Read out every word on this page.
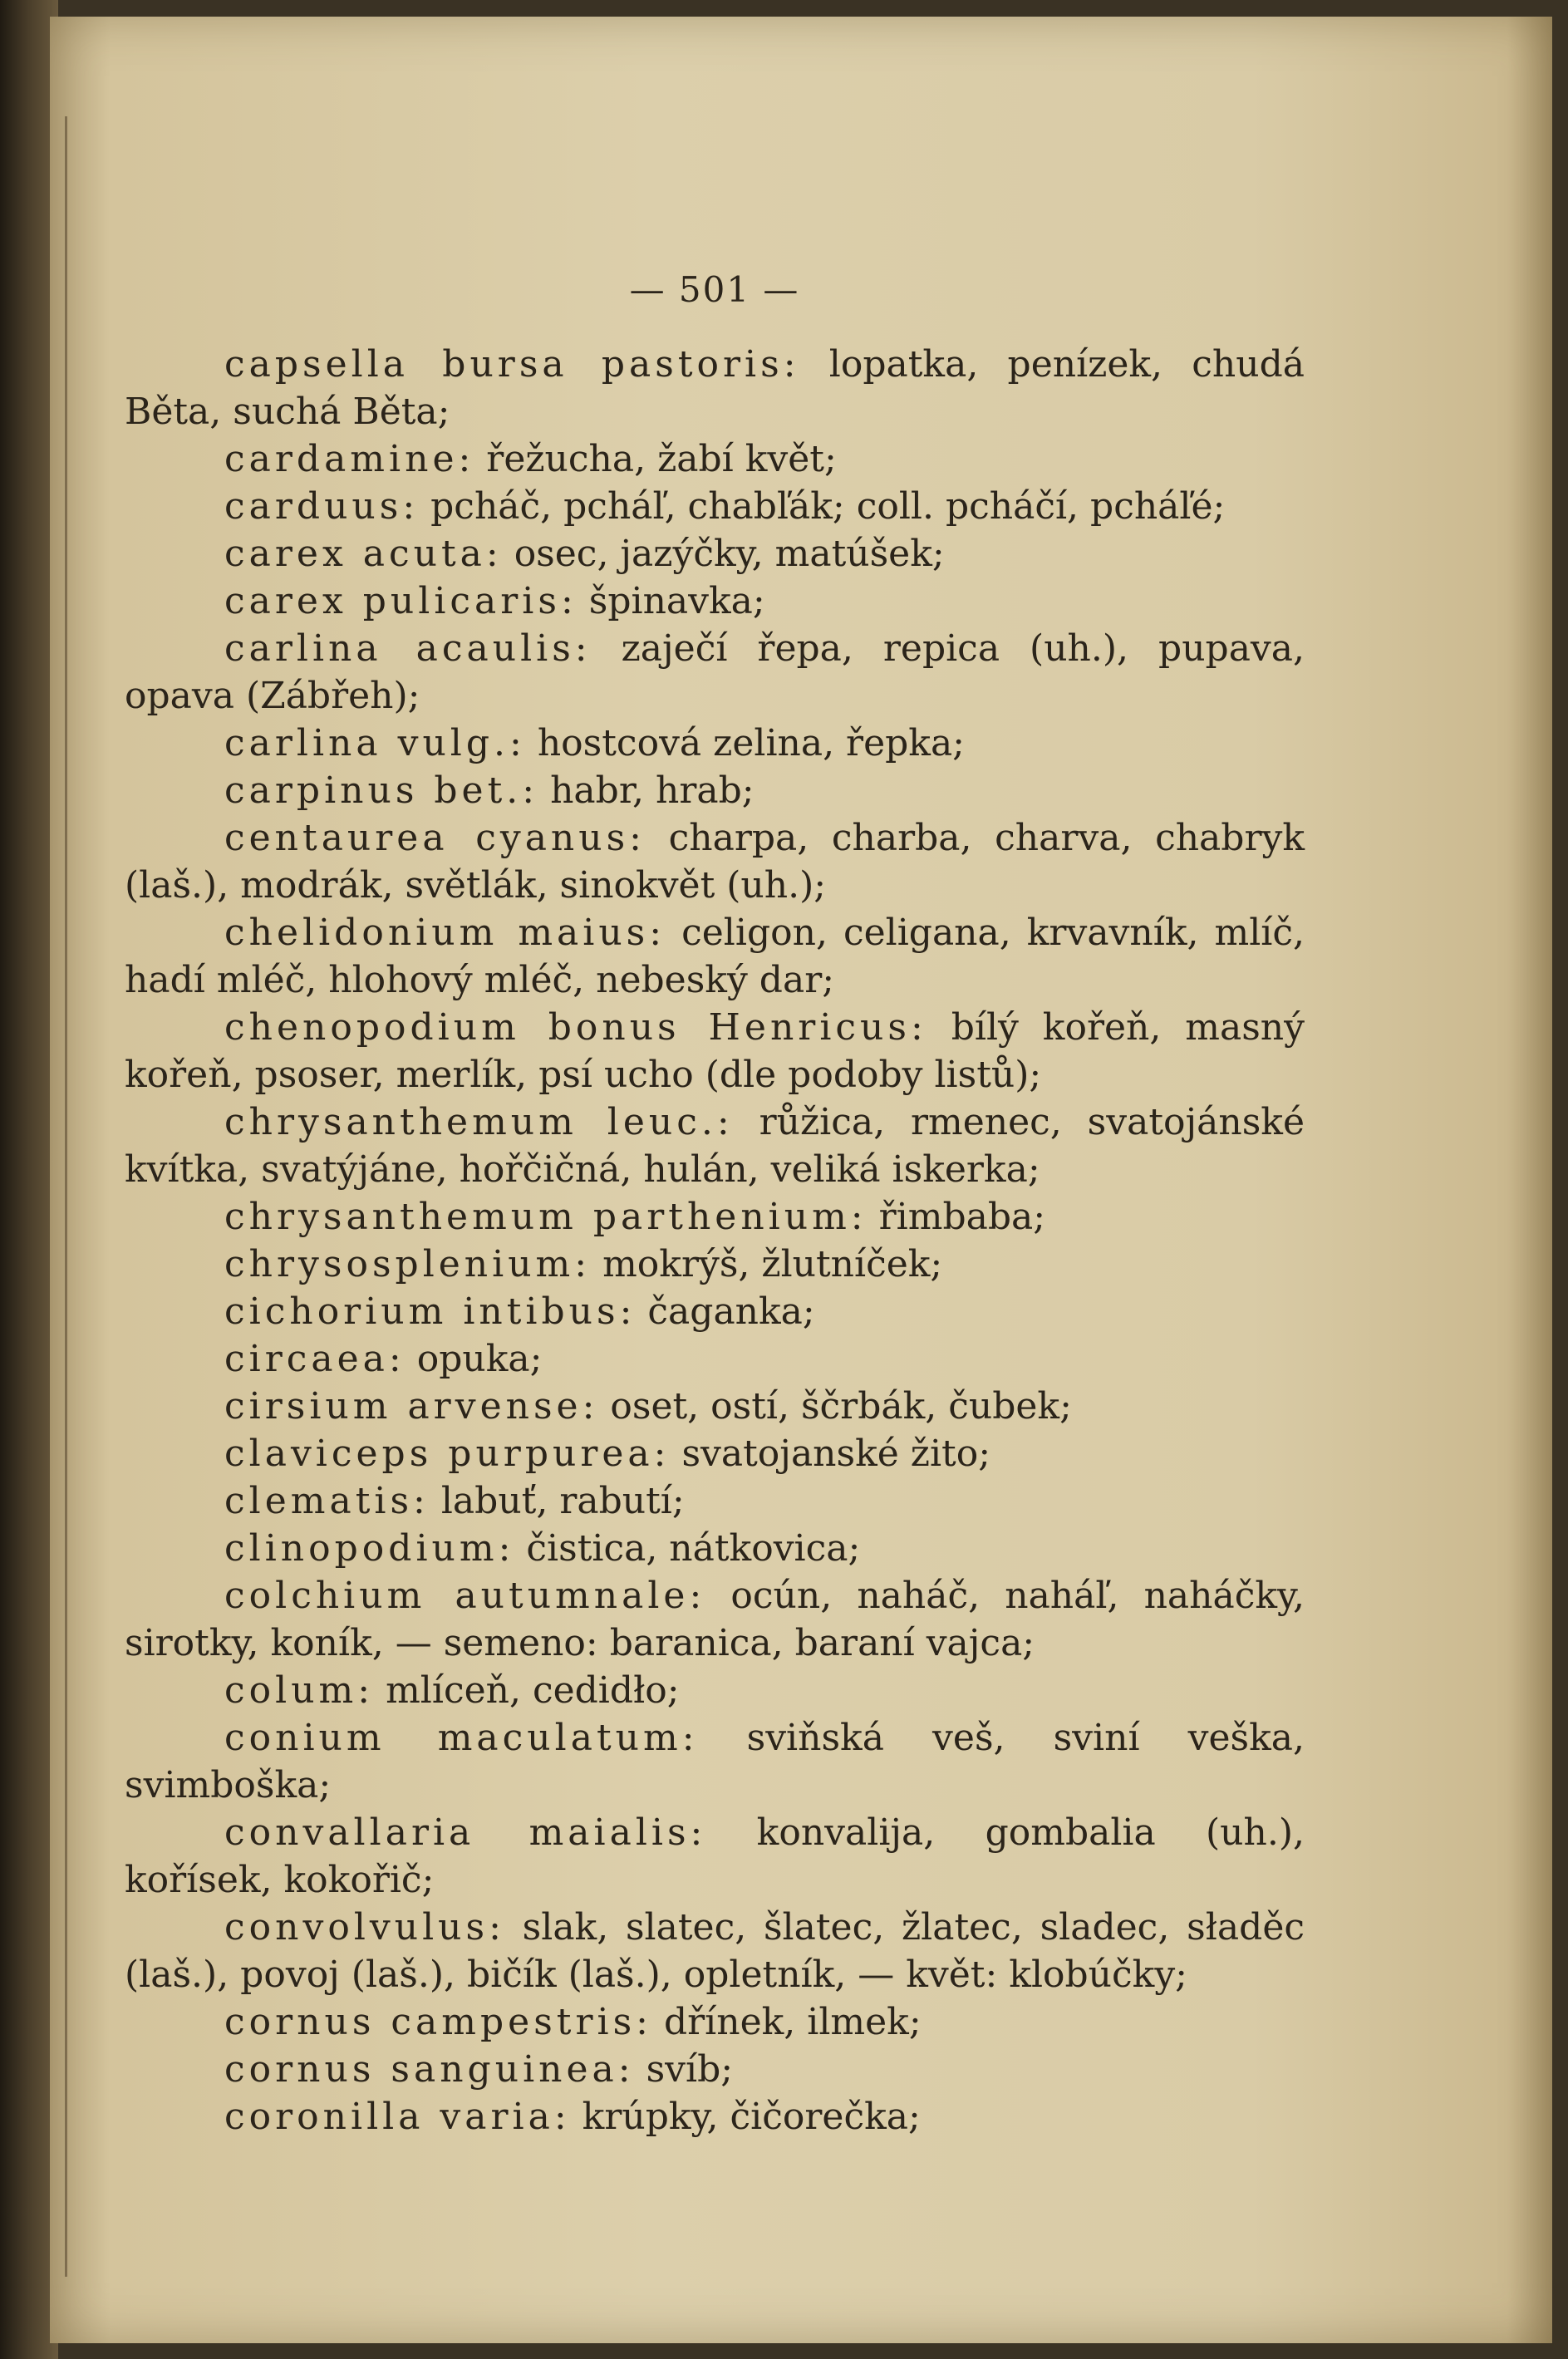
— 501 —

capsella bursa pastoris: lopatka, penízek, chudá Běta, suchá Běta;

cardamine: řežucha, žabí květ;

carduus: pcháč, pcháľ, chabľák; coll. pcháčí, pcháľé;

carex acuta: osec, jazýčky, matúšek;

carex pulicaris: špinavka;

carlina acaulis: zaječí řepa, repica (uh.), pupava, opava (Zábřeh);

carlina vulg.: hostcová zelina, řepka;

carpinus bet.: habr, hrab;

centaurea cyanus: charpa, charba, charva, chabryk (laš.), modrák, světlák, sinokvět (uh.);

chelidonium maius: celigon, celigana, krvavník, mlíč, hadí mléč, hlohový mléč, nebeský dar;

chenopodium bonus Henricus: bílý kořeň, masný kořeň, psoser, merlík, psí ucho (dle podoby listů);

chrysanthemum leuc.: růžica, rmenec, svatojánské kvítka, svatýjáne, hořčičná, hulán, veliká iskerka;

chrysanthemum parthenium: řimbaba;

chrysosplenium: mokrýš, žlutníček;

cichorium intibus: čaganka;

circaea: opuka;

cirsium arvense: oset, ostí, ščrbák, čubek;

claviceps purpurea: svatojanské žito;

clematis: labuť, rabutí;

clinopodium: čistica, nátkovica;

colchium autumnale: ocún, naháč, naháľ, naháčky, sirotky, koník, — semeno: baranica, baraní vajca;

colum: mlíceň, cedidło;

conium maculatum: sviňská veš, sviní veška, svimboška;

convallaria maialis: konvalija, gombalia (uh.), kořísek, kokořič;

convolvulus: slak, slatec, šlatec, žlatec, sladec, sładěc (laš.), povoj (laš.), bičík (laš.), opletník, — květ: klobúčky;

cornus campestris: dřínek, ilmek;

cornus sanguinea: svíb;

coronilla varia: krúpky, čičorečka;
